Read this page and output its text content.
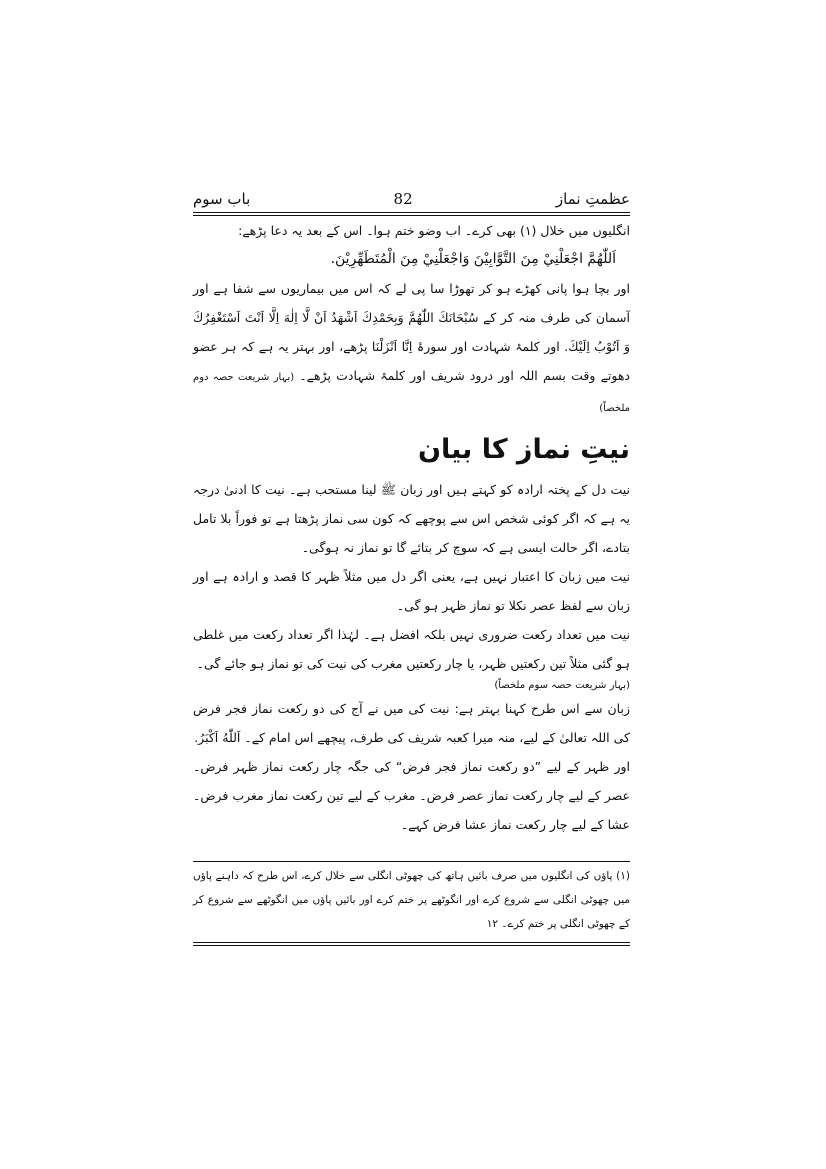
عظمتِ نماز
82
باب سوم

انگلیوں میں خلال (۱) بھی کرے۔ اب وضو ختم ہوا۔ اس کے بعد یہ دعا پڑھے:

اَللّٰهُمَّ اجْعَلْنِيْ مِنَ التَّوَّابِيْنَ وَاجْعَلْنِيْ مِنَ الْمُتَطَهِّرِيْنَ.

اور بچا ہوا پانی کھڑے ہو کر تھوڑا سا پی لے کہ اس میں بیماریوں سے شفا ہے اور آسمان کی طرف منہ کر کے سُبْحَانَكَ اللّٰهُمَّ وَبِحَمْدِكَ اَشْهَدُ اَنْ لَّا اِلٰهَ اِلَّا اَنْتَ اَسْتَغْفِرُكَ وَ اَتُوْبُ اِلَيْكَ. اور کلمۂ شہادت اور سورۂ اِنَّا اَنْزَلْنَا پڑھے، اور بہتر یہ ہے کہ ہر عضو دھوتے وقت بسم اللہ اور درود شریف اور کلمۂ شہادت پڑھے۔ (بہار شریعت حصہ دوم ملخصاً)

نیتِ نماز کا بیان

نیت دل کے پختہ ارادہ کو کہتے ہیں اور زبان ﷺ لینا مستحب ہے۔ نیت کا ادنیٰ درجہ یہ ہے کہ اگر کوئی شخص اس سے پوچھے کہ کون سی نماز پڑھتا ہے تو فوراً بلا تامل بتادے، اگر حالت ایسی ہے کہ سوچ کر بتائے گا تو نماز نہ ہوگی۔

نیت میں زبان کا اعتبار نہیں ہے، یعنی اگر دل میں مثلاً ظہر کا قصد و ارادہ ہے اور زبان سے لفظ عصر نکلا تو نماز ظہر ہو گی۔

نیت میں تعداد رکعت ضروری نہیں بلکہ افضل ہے۔ لہٰذا اگر تعداد رکعت میں غلطی ہو گئی مثلاً تین رکعتیں ظہر، یا چار رکعتیں مغرب کی نیت کی تو نماز ہو جائے گی۔

(بہار شریعت حصہ سوم ملخصاً)

زبان سے اس طرح کہنا بہتر ہے: نیت کی میں نے آج کی دو رکعت نماز فجر فرض کی اللہ تعالیٰ کے لیے، منہ میرا کعبہ شریف کی طرف، پیچھے اس امام کے۔ اَللّٰهُ اَكْبَرُ.

اور ظہر کے لیے ”دو رکعت نماز فجر فرض“ کی جگہ چار رکعت نماز ظہر فرض۔ عصر کے لیے چار رکعت نماز عصر فرض۔ مغرب کے لیے تین رکعت نماز مغرب فرض۔ عشا کے لیے چار رکعت نماز عشا فرض کہے۔

(۱) پاؤں کی انگلیوں میں صرف بائیں ہاتھ کی چھوٹی انگلی سے خلال کرے، اس طرح کہ داہنے پاؤں میں چھوٹی انگلی سے شروع کرے اور انگوٹھے پر ختم کرے اور بائیں پاؤں میں انگوٹھے سے شروع کر کے چھوٹی انگلی پر ختم کرے۔ ۱۲
